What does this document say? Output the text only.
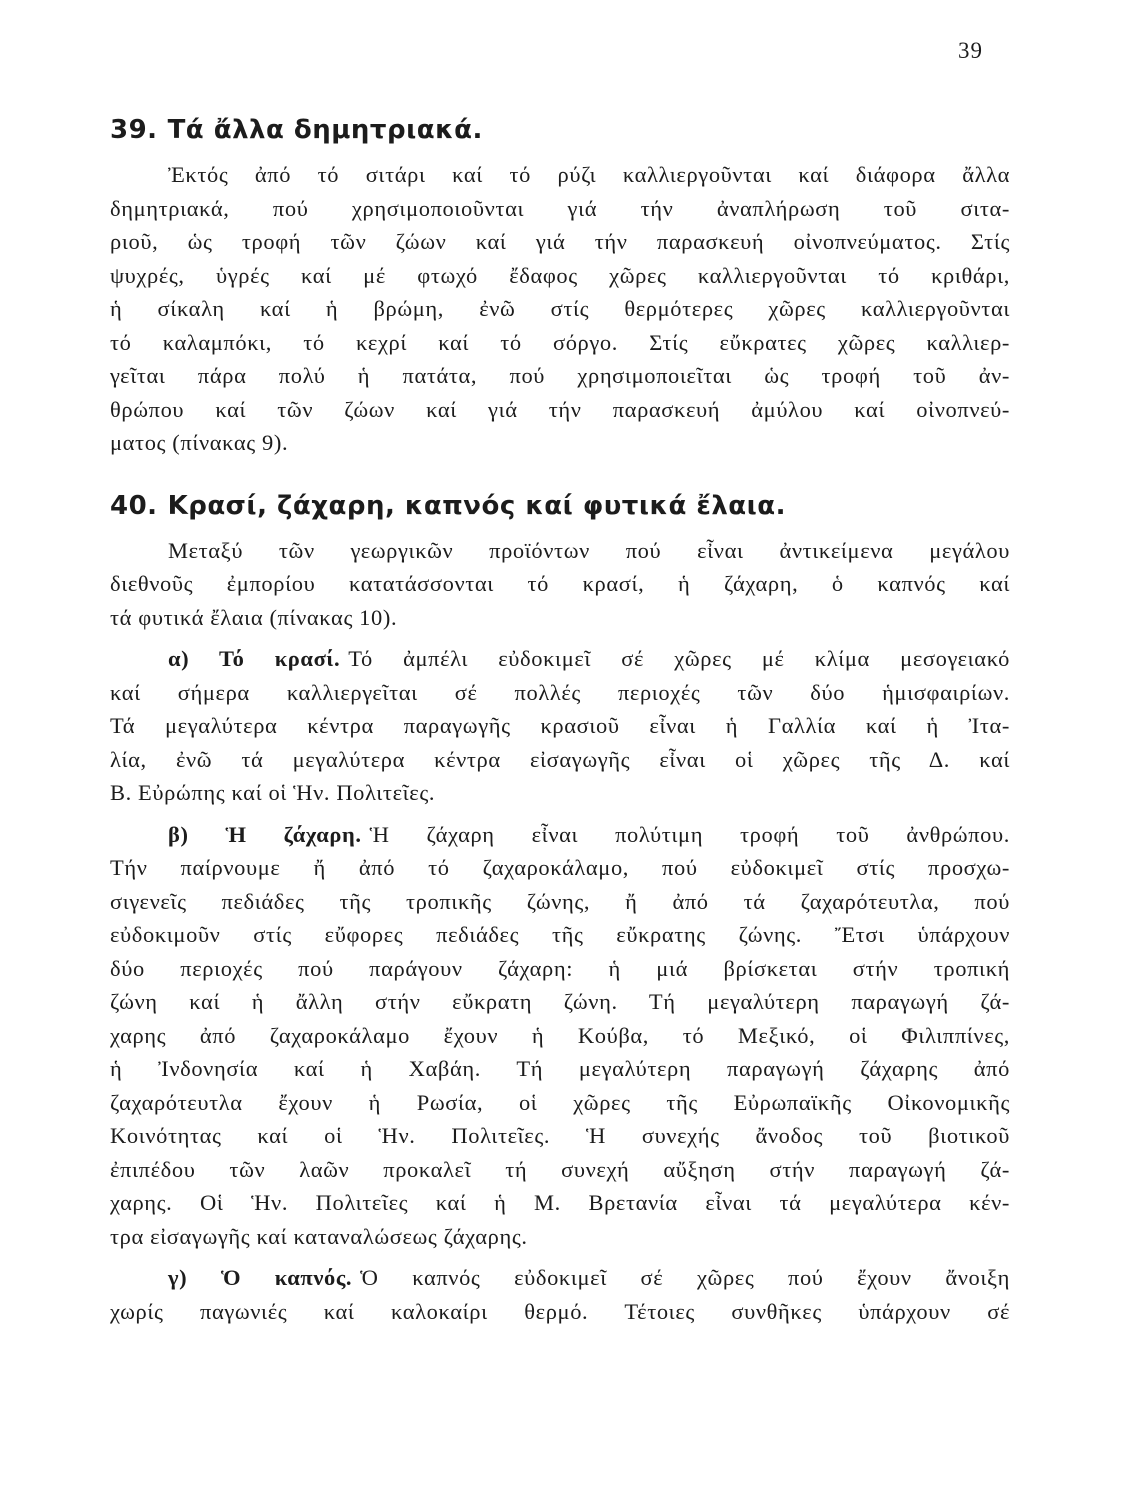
39
39. Τά ἄλλα δημητριακά.

Ἐκτός ἀπό τό σιτάρι καί τό ρύζι καλλιεργοῦνται καί διάφορα ἄλλα
δημητριακά, πού χρησιμοποιοῦνται γιά τήν ἀναπλήρωση τοῦ σιτα-
ριοῦ, ὡς τροφή τῶν ζώων καί γιά τήν παρασκευή οἰνοπνεύματος. Στίς
ψυχρές, ὑγρές καί μέ φτωχό ἔδαφος χῶρες καλλιεργοῦνται τό κριθάρι,
ἡ σίκαλη καί ἡ βρώμη, ἐνῶ στίς θερμότερες χῶρες καλλιεργοῦνται
τό καλαμπόκι, τό κεχρί καί τό σόργο. Στίς εὔκρατες χῶρες καλλιερ-
γεῖται πάρα πολύ ἡ πατάτα, πού χρησιμοποιεῖται ὡς τροφή τοῦ ἀν-
θρώπου καί τῶν ζώων καί γιά τήν παρασκευή ἀμύλου καί οἰνοπνεύ-
ματος (πίνακας 9).

40. Κρασί, ζάχαρη, καπνός καί φυτικά ἔλαια.

Μεταξύ τῶν γεωργικῶν προϊόντων πού εἶναι ἀντικείμενα μεγάλου
διεθνοῦς ἐμπορίου κατατάσσονται τό κρασί, ἡ ζάχαρη, ὁ καπνός καί
τά φυτικά ἔλαια (πίνακας 10).

α) Τό κρασί. Τό ἀμπέλι εὐδοκιμεῖ σέ χῶρες μέ κλίμα μεσογειακό
καί σήμερα καλλιεργεῖται σέ πολλές περιοχές τῶν δύο ἡμισφαιρίων.
Τά μεγαλύτερα κέντρα παραγωγῆς κρασιοῦ εἶναι ἡ Γαλλία καί ἡ Ἰτα-
λία, ἐνῶ τά μεγαλύτερα κέντρα εἰσαγωγῆς εἶναι οἱ χῶρες τῆς Δ. καί
Β. Εὐρώπης καί οἱ Ἡν. Πολιτεῖες.

β) Ἡ ζάχαρη. Ἡ ζάχαρη εἶναι πολύτιμη τροφή τοῦ ἀνθρώπου.
Τήν παίρνουμε ἤ ἀπό τό ζαχαροκάλαμο, πού εὐδοκιμεῖ στίς προσχω-
σιγενεῖς πεδιάδες τῆς τροπικῆς ζώνης, ἤ ἀπό τά ζαχαρότευτλα, πού
εὐδοκιμοῦν στίς εὔφορες πεδιάδες τῆς εὔκρατης ζώνης. Ἔτσι ὑπάρχουν
δύο περιοχές πού παράγουν ζάχαρη: ἡ μιά βρίσκεται στήν τροπική
ζώνη καί ἡ ἄλλη στήν εὔκρατη ζώνη. Τή μεγαλύτερη παραγωγή ζά-
χαρης ἀπό ζαχαροκάλαμο ἔχουν ἡ Κούβα, τό Μεξικό, οἱ Φιλιππίνες,
ἡ Ἰνδονησία καί ἡ Χαβάη. Τή μεγαλύτερη παραγωγή ζάχαρης ἀπό
ζαχαρότευτλα ἔχουν ἡ Ρωσία, οἱ χῶρες τῆς Εὐρωπαϊκῆς Οἰκονομικῆς
Κοινότητας καί οἱ Ἡν. Πολιτεῖες. Ἡ συνεχής ἄνοδος τοῦ βιοτικοῦ
ἐπιπέδου τῶν λαῶν προκαλεῖ τή συνεχή αὔξηση στήν παραγωγή ζά-
χαρης. Οἱ Ἡν. Πολιτεῖες καί ἡ Μ. Βρετανία εἶναι τά μεγαλύτερα κέν-
τρα εἰσαγωγῆς καί καταναλώσεως ζάχαρης.

γ) Ὁ καπνός. Ὁ καπνός εὐδοκιμεῖ σέ χῶρες πού ἔχουν ἄνοιξη
χωρίς παγωνιές καί καλοκαίρι θερμό. Τέτοιες συνθῆκες ὑπάρχουν σέ
